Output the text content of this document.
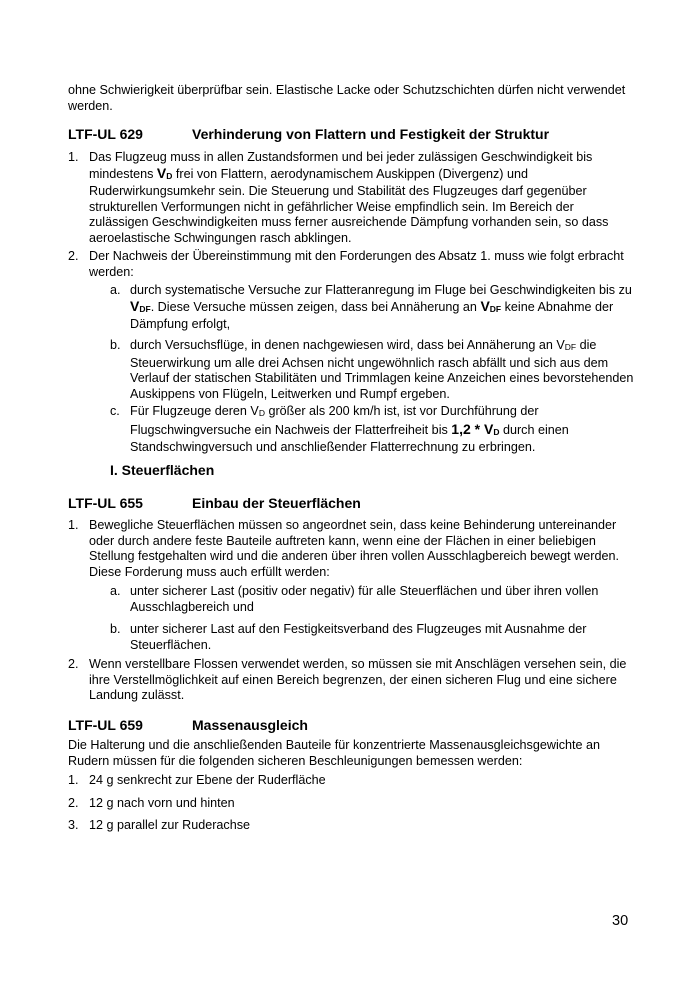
ohne Schwierigkeit überprüfbar sein. Elastische Lacke oder Schutzschichten dürfen nicht verwendet werden.

LTF-UL 629	Verhinderung von Flattern und Festigkeit der Struktur
1. Das Flugzeug muss in allen Zustandsformen und bei jeder zulässigen Geschwindigkeit bis mindestens $V_D$ frei von Flattern, aerodynamischem Auskippen (Divergenz) und Ruderwirkungsumkehr sein. Die Steuerung und Stabilität des Flugzeuges darf gegenüber strukturellen Verformungen nicht in gefährlicher Weise empfindlich sein. Im Bereich der zulässigen Geschwindigkeiten muss ferner ausreichende Dämpfung vorhanden sein, so dass aeroelastische Schwingungen rasch abklingen.
2. Der Nachweis der Übereinstimmung mit den Forderungen des Absatz 1. muss wie folgt erbracht werden:
a. durch systematische Versuche zur Flatteranregung im Fluge bei Geschwindigkeiten bis zu $V_{DF}$. Diese Versuche müssen zeigen, dass bei Annäherung an $V_{DF}$ keine Abnahme der Dämpfung erfolgt,
b. durch Versuchsflüge, in denen nachgewiesen wird, dass bei Annäherung an $V_{DF}$ die Steuerwirkung um alle drei Achsen nicht ungewöhnlich rasch abfällt und sich aus dem Verlauf der statischen Stabilitäten und Trimmlagen keine Anzeichen eines bevorstehenden Auskippens von Flügeln, Leitwerken und Rumpf ergeben.
c. Für Flugzeuge deren $V_D$ größer als 200 km/h ist, ist vor Durchführung der Flugschwingversuche ein Nachweis der Flatterfreiheit bis $1,2 * V_D$ durch einen Standschwingversuch und anschließender Flatterrechnung zu erbringen.
I. Steuerflächen
LTF-UL 655	Einbau der Steuerflächen
1. Bewegliche Steuerflächen müssen so angeordnet sein, dass keine Behinderung untereinander oder durch andere feste Bauteile auftreten kann, wenn eine der Flächen in einer beliebigen Stellung festgehalten wird und die anderen über ihren vollen Ausschlagbereich bewegt werden. Diese Forderung muss auch erfüllt werden:
a. unter sicherer Last (positiv oder negativ) für alle Steuerflächen und über ihren vollen Ausschlagbereich und
b. unter sicherer Last auf den Festigkeitsverband des Flugzeuges mit Ausnahme der Steuerflächen.
2. Wenn verstellbare Flossen verwendet werden, so müssen sie mit Anschlägen versehen sein, die ihre Verstellmöglichkeit auf einen Bereich begrenzen, der einen sicheren Flug und eine sichere Landung zulässt.
LTF-UL 659	Massenausgleich

Die Halterung und die anschließenden Bauteile für konzentrierte Massenausgleichsgewichte an Rudern müssen für die folgenden sicheren Beschleunigungen bemessen werden:

1. 24 g senkrecht zur Ebene der Ruderfläche
2. 12 g nach vorn und hinten
3. 12 g parallel zur Ruderachse
30
